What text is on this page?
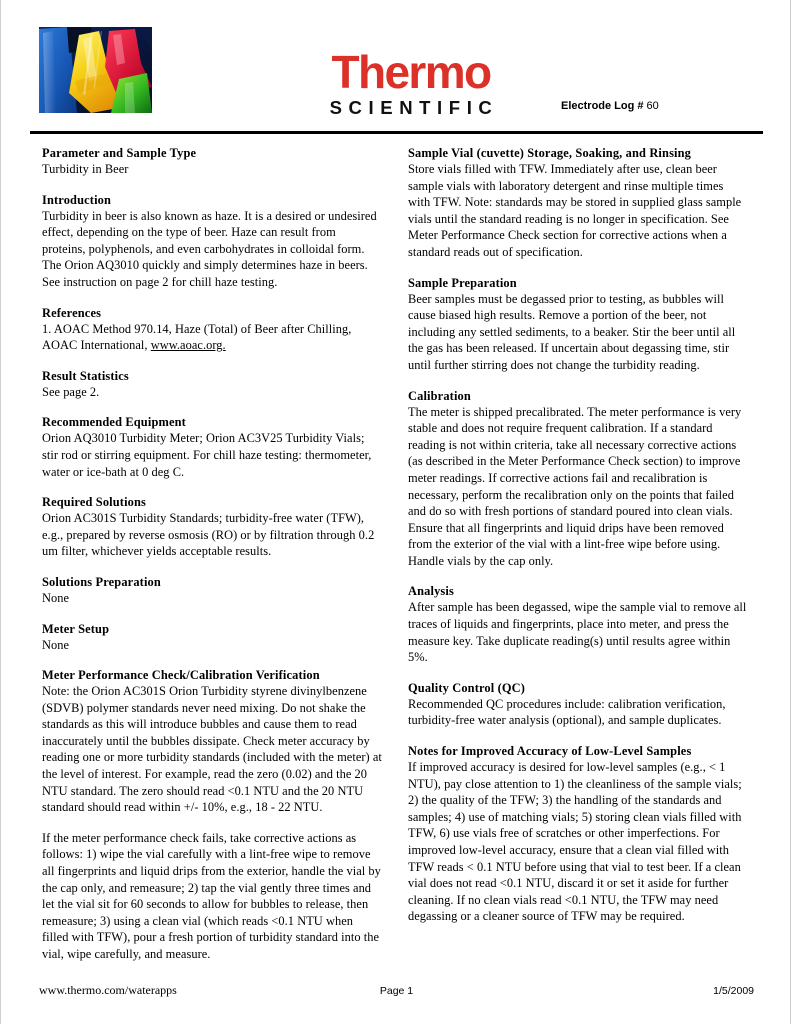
Thermo
SCIENTIFIC	Electrode Log # 60
Parameter and Sample Type

Turbidity in Beer

Introduction

Turbidity in beer is also known as haze. It is a desired or undesired effect, depending on the type of beer. Haze can result from proteins, polyphenols, and even carbohydrates in colloidal form. The Orion AQ3010 quickly and simply determines haze in beers. See instruction on page 2 for chill haze testing.

References

1. AOAC Method 970.14, Haze (Total) of Beer after Chilling, AOAC International, www.aoac.org.

Result Statistics

See page 2.

Recommended Equipment

Orion AQ3010 Turbidity Meter; Orion AC3V25 Turbidity Vials; stir rod or stirring equipment. For chill haze testing: thermometer, water or ice-bath at 0 deg C.

Required Solutions

Orion AC301S Turbidity Standards; turbidity-free water (TFW), e.g., prepared by reverse osmosis (RO) or by filtration through 0.2 um filter, whichever yields acceptable results.

Solutions Preparation

None

Meter Setup

None

Meter Performance Check/Calibration Verification

Note: the Orion AC301S Orion Turbidity styrene divinylbenzene (SDVB) polymer standards never need mixing. Do not shake the standards as this will introduce bubbles and cause them to read inaccurately until the bubbles dissipate. Check meter accuracy by reading one or more turbidity standards (included with the meter) at the level of interest. For example, read the zero (0.02) and the 20 NTU standard. The zero should read <0.1 NTU and the 20 NTU standard should read within +/- 10%, e.g., 18 - 22 NTU.

If the meter performance check fails, take corrective actions as follows: 1) wipe the vial carefully with a lint-free wipe to remove all fingerprints and liquid drips from the exterior, handle the vial by the cap only, and remeasure; 2) tap the vial gently three times and let the vial sit for 60 seconds to allow for bubbles to release, then remeasure; 3) using a clean vial (which reads <0.1 NTU when filled with TFW), pour a fresh portion of turbidity standard into the vial, wipe carefully, and measure.

Sample Vial (cuvette) Storage, Soaking, and Rinsing

Store vials filled with TFW. Immediately after use, clean beer sample vials with laboratory detergent and rinse multiple times with TFW. Note: standards may be stored in supplied glass sample vials until the standard reading is no longer in specification. See Meter Performance Check section for corrective actions when a standard reads out of specification.

Sample Preparation

Beer samples must be degassed prior to testing, as bubbles will cause biased high results. Remove a portion of the beer, not including any settled sediments, to a beaker. Stir the beer until all the gas has been released. If uncertain about degassing time, stir until further stirring does not change the turbidity reading.

Calibration

The meter is shipped precalibrated. The meter performance is very stable and does not require frequent calibration. If a standard reading is not within criteria, take all necessary corrective actions (as described in the Meter Performance Check section) to improve meter readings. If corrective actions fail and recalibration is necessary, perform the recalibration only on the points that failed and do so with fresh portions of standard poured into clean vials. Ensure that all fingerprints and liquid drips have been removed from the exterior of the vial with a lint-free wipe before using. Handle vials by the cap only.

Analysis

After sample has been degassed, wipe the sample vial to remove all traces of liquids and fingerprints, place into meter, and press the measure key. Take duplicate reading(s) until results agree within 5%.

Quality Control (QC)

Recommended QC procedures include: calibration verification, turbidity-free water analysis (optional), and sample duplicates.

Notes for Improved Accuracy of Low-Level Samples

If improved accuracy is desired for low-level samples (e.g., < 1 NTU), pay close attention to 1) the cleanliness of the sample vials; 2) the quality of the TFW; 3) the handling of the standards and samples; 4) use of matching vials; 5) storing clean vials filled with TFW, 6) use vials free of scratches or other imperfections. For improved low-level accuracy, ensure that a clean vial filled with TFW reads < 0.1 NTU before using that vial to test beer. If a clean vial does not read <0.1 NTU, discard it or set it aside for further cleaning. If no clean vials read <0.1 NTU, the TFW may need degassing or a cleaner source of TFW may be required.

www.thermo.com/waterapps	Page 1	1/5/2009
